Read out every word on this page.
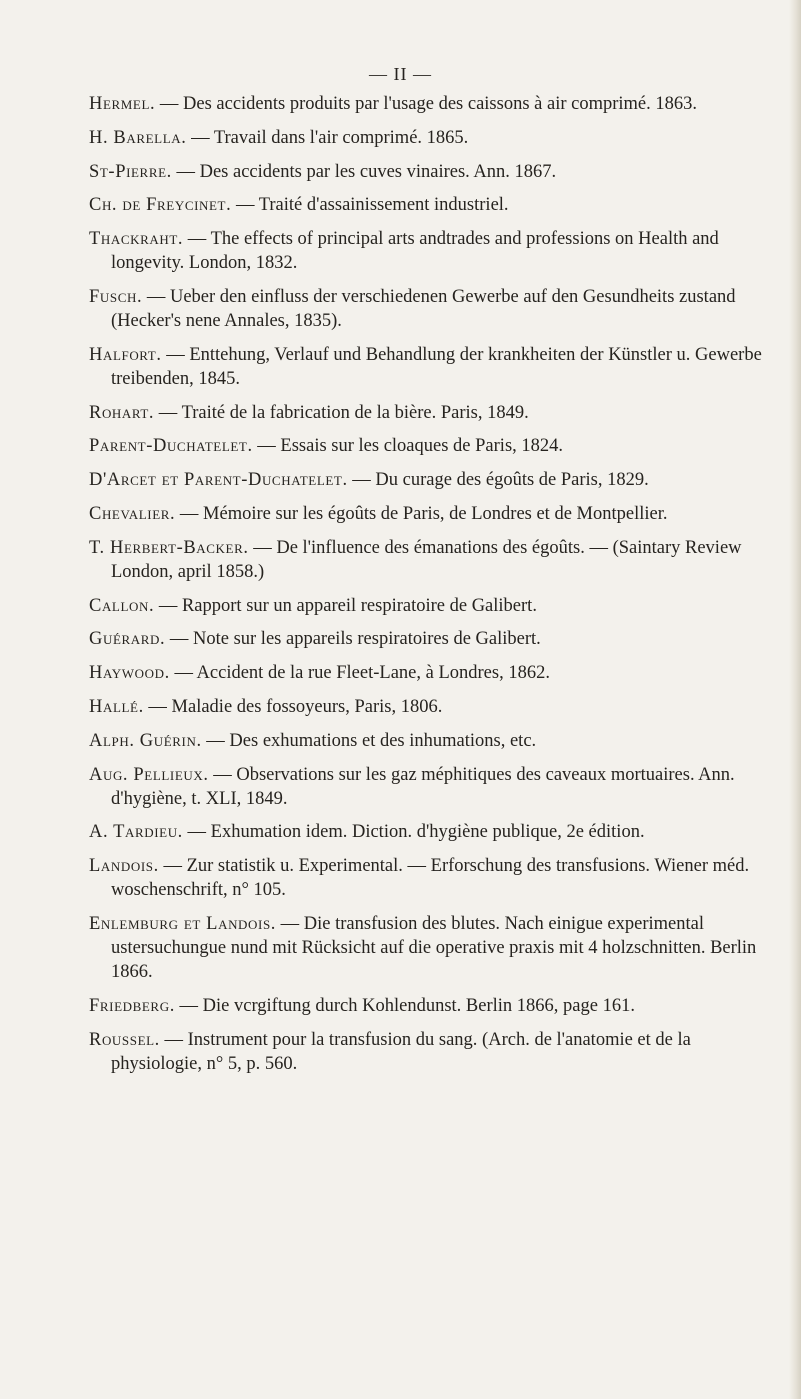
— II —
Hermel. — Des accidents produits par l'usage des caissons à air comprimé. 1863.
H. Barella. — Travail dans l'air comprimé. 1865.
St-Pierre. — Des accidents par les cuves vinaires. Ann. 1867.
Ch. de Freycinet. — Traité d'assainissement industriel.
Thackraht. — The effects of principal arts andtrades and professions on Health and longevity. London, 1832.
Fusch. — Ueber den einfluss der verschiedenen Gewerbe auf den Gesundheits zustand (Hecker's nene Annales, 1835).
Halfort. — Enttehung, Verlauf und Behandlung der krankheiten der Künstler u. Gewerbe treibenden, 1845.
Rohart. — Traité de la fabrication de la bière. Paris, 1849.
Parent-Duchatelet. — Essais sur les cloaques de Paris, 1824.
D'Arcet et Parent-Duchatelet. — Du curage des égoûts de Paris, 1829.
Chevalier. — Mémoire sur les égoûts de Paris, de Londres et de Montpellier.
T. Herbert-Backer. — De l'influence des émanations des égoûts. — (Saintary Review London, april 1858.)
Callon. — Rapport sur un appareil respiratoire de Galibert.
Guérard. — Note sur les appareils respiratoires de Galibert.
Haywood. — Accident de la rue Fleet-Lane, à Londres, 1862.
Hallé. — Maladie des fossoyeurs, Paris, 1806.
Alph. Guérin. — Des exhumations et des inhumations, etc.
Aug. Pellieux. — Observations sur les gaz méphitiques des caveaux mortuaires. Ann. d'hygiène, t. XLI, 1849.
A. Tardieu. — Exhumation idem. Diction. d'hygiène publique, 2e édition.
Landois. — Zur statistik u. Experimental. — Erforschung des transfusions. Wiener méd. woschenschrift, n° 105.
Enlemburg et Landois. — Die transfusion des blutes. Nach einigue experimental ustersuchungue nund mit Rücksicht auf die operative praxis mit 4 holzschnitten. Berlin 1866.
Friedberg. — Die vcrgiftung durch Kohlendunst. Berlin 1866, page 161.
Roussel. — Instrument pour la transfusion du sang. (Arch. de l'anatomie et de la physiologie, n° 5, p. 560.
